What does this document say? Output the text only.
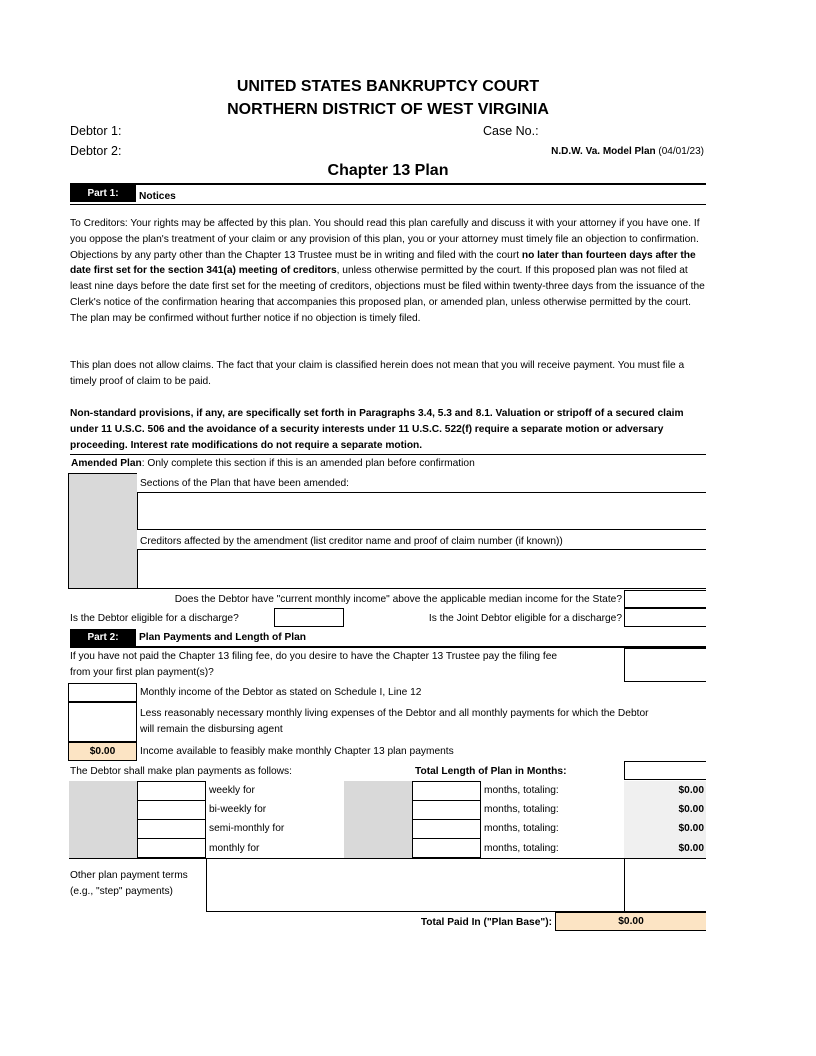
UNITED STATES BANKRUPTCY COURT
NORTHERN DISTRICT OF WEST VIRGINIA
Debtor 1:
Debtor 2:
Case No.:
N.D.W. Va. Model Plan (04/01/23)
Chapter 13 Plan
Part 1:	Notices
To Creditors: Your rights may be affected by this plan. You should read this plan carefully and discuss it with your attorney if you have one. If you oppose the plan's treatment of your claim or any provision of this plan, you or your attorney must timely file an objection to confirmation. Objections by any party other than the Chapter 13 Trustee must be in writing and filed with the court no later than fourteen days after the date first set for the section 341(a) meeting of creditors, unless otherwise permitted by the court. If this proposed plan was not filed at least nine days before the date first set for the meeting of creditors, objections must be filed within twenty-three days from the issuance of the Clerk's notice of the confirmation hearing that accompanies this proposed plan, or amended plan, unless otherwise permitted by the court. The plan may be confirmed without further notice if no objection is timely filed.
This plan does not allow claims. The fact that your claim is classified herein does not mean that you will receive payment. You must file a timely proof of claim to be paid.
Non-standard provisions, if any, are specifically set forth in Paragraphs 3.4, 5.3 and 8.1. Valuation or stripoff of a secured claim under 11 U.S.C. 506 and the avoidance of a security interests under 11 U.S.C. 522(f) require a separate motion or adversary proceeding. Interest rate modifications do not require a separate motion.
Amended Plan: Only complete this section if this is an amended plan before confirmation
Sections of the Plan that have been amended:
Creditors affected by the amendment (list creditor name and proof of claim number (if known))
Does the Debtor have "current monthly income" above the applicable median income for the State?
Is the Debtor eligible for a discharge?	Is the Joint Debtor eligible for a discharge?
Part 2:	Plan Payments and Length of Plan
If you have not paid the Chapter 13 filing fee, do you desire to have the Chapter 13 Trustee pay the filing fee
from your first plan payment(s)?
Monthly income of the Debtor as stated on Schedule I, Line 12
Less reasonably necessary monthly living expenses of the Debtor and all monthly payments for which the Debtor
will remain the disbursing agent
$0.00	Income available to feasibly make monthly Chapter 13 plan payments
The Debtor shall make plan payments as follows:	Total Length of Plan in Months:
weekly for	months, totaling:	$0.00
bi-weekly for	months, totaling:	$0.00
semi-monthly for	months, totaling:	$0.00
monthly for	months, totaling:	$0.00
Other plan payment terms
(e.g., "step" payments)
Total Paid In ("Plan Base"):	$0.00
